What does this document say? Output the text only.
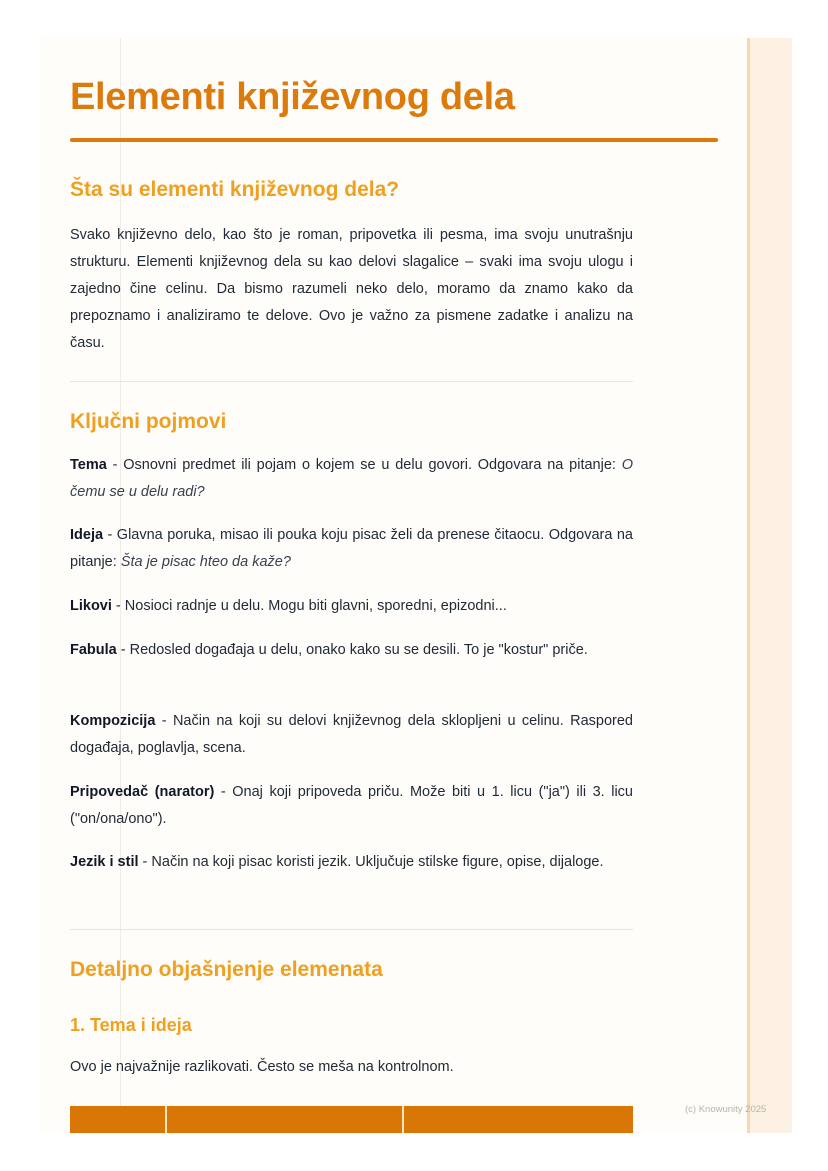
Elementi književnog dela
Šta su elementi književnog dela?

Svako književno delo, kao što je roman, pripovetka ili pesma, ima svoju unutrašnju strukturu. Elementi književnog dela su kao delovi slagalice – svaki ima svoju ulogu i zajedno čine celinu. Da bismo razumeli neko delo, moramo da znamo kako da prepoznamo i analiziramo te delove. Ovo je važno za pismene zadatke i analizu na času.

Ključni pojmovi

Tema - Osnovni predmet ili pojam o kojem se u delu govori. Odgovara na pitanje: O čemu se u delu radi?

Ideja - Glavna poruka, misao ili pouka koju pisac želi da prenese čitaocu. Odgovara na pitanje: Šta je pisac hteo da kaže?

Likovi - Nosioci radnje u delu. Mogu biti glavni, sporedni, epizodni...

Fabula - Redosled događaja u delu, onako kako su se desili. To je "kostur" priče.

Kompozicija - Način na koji su delovi književnog dela sklopljeni u celinu. Raspored događaja, poglavlja, scena.

Pripovedač (narator) - Onaj koji pripoveda priču. Može biti u 1. licu ("ja") ili 3. licu ("on/ona/ono").

Jezik i stil - Način na koji pisac koristi jezik. Uključuje stilske figure, opise, dijaloge.

Detaljno objašnjenje elemenata
1. Tema i ideja

Ovo je najvažnije razlikovati. Često se meša na kontrolnom.

(c) Knowunity 2025
